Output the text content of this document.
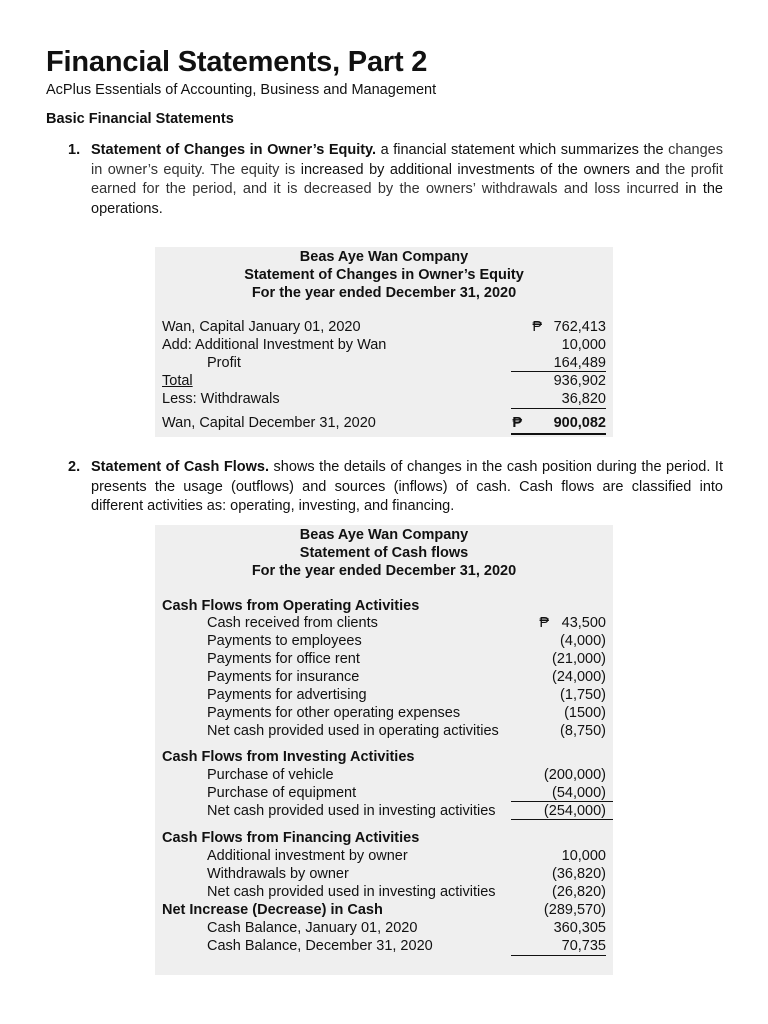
Financial Statements, Part 2
AcPlus Essentials of Accounting, Business and Management
Basic Financial Statements
1. Statement of Changes in Owner’s Equity. a financial statement which summarizes the changes in owner’s equity. The equity is increased by additional investments of the owners and the profit earned for the period, and it is decreased by the owners’ withdrawals and loss incurred in the operations.
Beas Aye Wan Company
Statement of Changes in Owner’s Equity
For the year ended December 31, 2020
Wan, Capital January 01, 2020	₱ 762,413
Add: Additional Investment by Wan	10,000
Profit	164,489
Total	936,902
Less: Withdrawals	36,820
Wan, Capital December 31, 2020	₱ 900,082
2. Statement of Cash Flows. shows the details of changes in the cash position during the period. It presents the usage (outflows) and sources (inflows) of cash. Cash flows are classified into different activities as: operating, investing, and financing.
Beas Aye Wan Company
Statement of Cash flows
For the year ended December 31, 2020
Cash Flows from Operating Activities
Cash received from clients	₱ 43,500
Payments to employees	(4,000)
Payments for office rent	(21,000)
Payments for insurance	(24,000)
Payments for advertising	(1,750)
Payments for other operating expenses	(1500)
Net cash provided used in operating activities	(8,750)
Cash Flows from Investing Activities
Purchase of vehicle	(200,000)
Purchase of equipment	(54,000)
Net cash provided used in investing activities	(254,000)
Cash Flows from Financing Activities
Additional investment by owner	10,000
Withdrawals by owner	(36,820)
Net cash provided used in investing activities	(26,820)
Net Increase (Decrease) in Cash	(289,570)
Cash Balance, January 01, 2020	360,305
Cash Balance, December 31, 2020	70,735
